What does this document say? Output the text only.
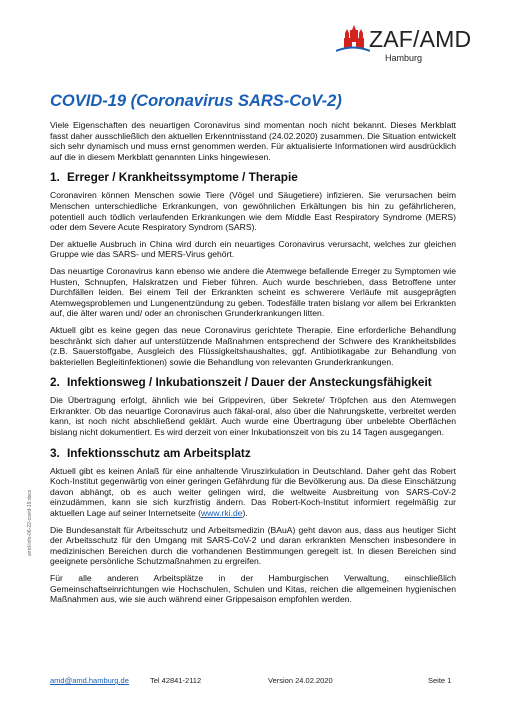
ZAF/AMD
Hamburg
COVID-19 (Coronavirus SARS-CoV-2)

Viele Eigenschaften des neuartigen Coronavirus sind momentan noch nicht bekannt. Dieses Merkblatt fasst daher ausschließlich den aktuellen Erkenntnisstand (24.02.2020) zusammen. Die Situation entwickelt sich sehr dynamisch und muss ernst genommen werden. Für aktualisierte Informationen wird ausdrücklich auf die in diesem Merkblatt genannten Links hingewiesen.

1. Erreger / Krankheitssymptome / Therapie

Coronaviren können Menschen sowie Tiere (Vögel und Säugetiere) infizieren. Sie verursachen beim Menschen unterschiedliche Erkrankungen, von gewöhnlichen Erkältungen bis hin zu gefährlicheren, potentiell auch tödlich verlaufenden Erkrankungen wie dem Middle East Respiratory Syndrome (MERS) oder dem Severe Acute Respiratory Syndrom (SARS).

Der aktuelle Ausbruch in China wird durch ein neuartiges Coronavirus verursacht, welches zur gleichen Gruppe wie das SARS- und MERS-Virus gehört.

Das neuartige Coronavirus kann ebenso wie andere die Atemwege befallende Erreger zu Symptomen wie Husten, Schnupfen, Halskratzen und Fieber führen. Auch wurde beschrieben, dass Betroffene unter Durchfällen leiden. Bei einem Teil der Erkrankten scheint es schwerere Verläufe mit ausgeprägten Atemwegsproblemen und Lungenentzündung zu geben. Todesfälle traten bislang vor allem bei Erkrankten auf, die älter waren und/ oder an chronischen Grunderkrankungen litten.

Aktuell gibt es keine gegen das neue Coronavirus gerichtete Therapie. Eine erforderliche Behandlung beschränkt sich daher auf unterstützende Maßnahmen entsprechend der Schwere des Krankheitsbildes (z.B. Sauerstoffgabe, Ausgleich des Flüssigkeitshaushaltes, ggf. Antibiotikagabe zur Behandlung von bakteriellen Begleitinfektionen) sowie die Behandlung von relevanten Grunderkrankungen.

2. Infektionsweg / Inkubationszeit / Dauer der Ansteckungsfähigkeit

Die Übertragung erfolgt, ähnlich wie bei Grippeviren, über Sekrete/ Tröpfchen aus den Atemwegen Erkrankter. Ob das neuartige Coronavirus auch fäkal-oral, also über die Nahrungskette, verbreitet werden kann, ist noch nicht abschließend geklärt. Auch wurde eine Übertragung über unbelebte Oberflächen bislang nicht dokumentiert. Es wird derzeit von einer Inkubationszeit von bis zu 14 Tagen ausgegangen.

3. Infektionsschutz am Arbeitsplatz

Aktuell gibt es keinen Anlaß für eine anhaltende Viruszirkulation in Deutschland. Daher geht das Robert Koch-Institut gegenwärtig von einer geringen Gefährdung für die Bevölkerung aus. Da diese Einschätzung davon abhängt, ob es auch weiter gelingen wird, die weltweite Ausbreitung von SARS-CoV-2 einzudämmen, kann sie sich kurzfristig ändern. Das Robert-Koch-Institut informiert regelmäßig zur aktuellen Lage auf seiner Internetseite (www.rki.de).

Die Bundesanstalt für Arbeitsschutz und Arbeitsmedizin (BAuA) geht davon aus, dass aus heutiger Sicht der Arbeitsschutz für den Umgang mit SARS-CoV-2 und daran erkrankten Menschen insbesondere in medizinischen Bereichen durch die vorhandenen Bestimmungen geregelt ist. In diesen Bereichen sind geeignete persönliche Schutzmaßnahmen zu ergreifen.

Für alle anderen Arbeitsplätze in der Hamburgischen Verwaltung, einschließlich Gemeinschaftseinrichtungen wie Hochschulen, Schulen und Kitas, reichen die allgemeinen hygienischen Maßnahmen aus, wie sie auch während einer Grippesaison empfohlen werden.

amd-info-06-22-covid-19.docx
amd@amd.hamburg.de	Tel 42841-2112	Version 24.02.2020	Seite 1
